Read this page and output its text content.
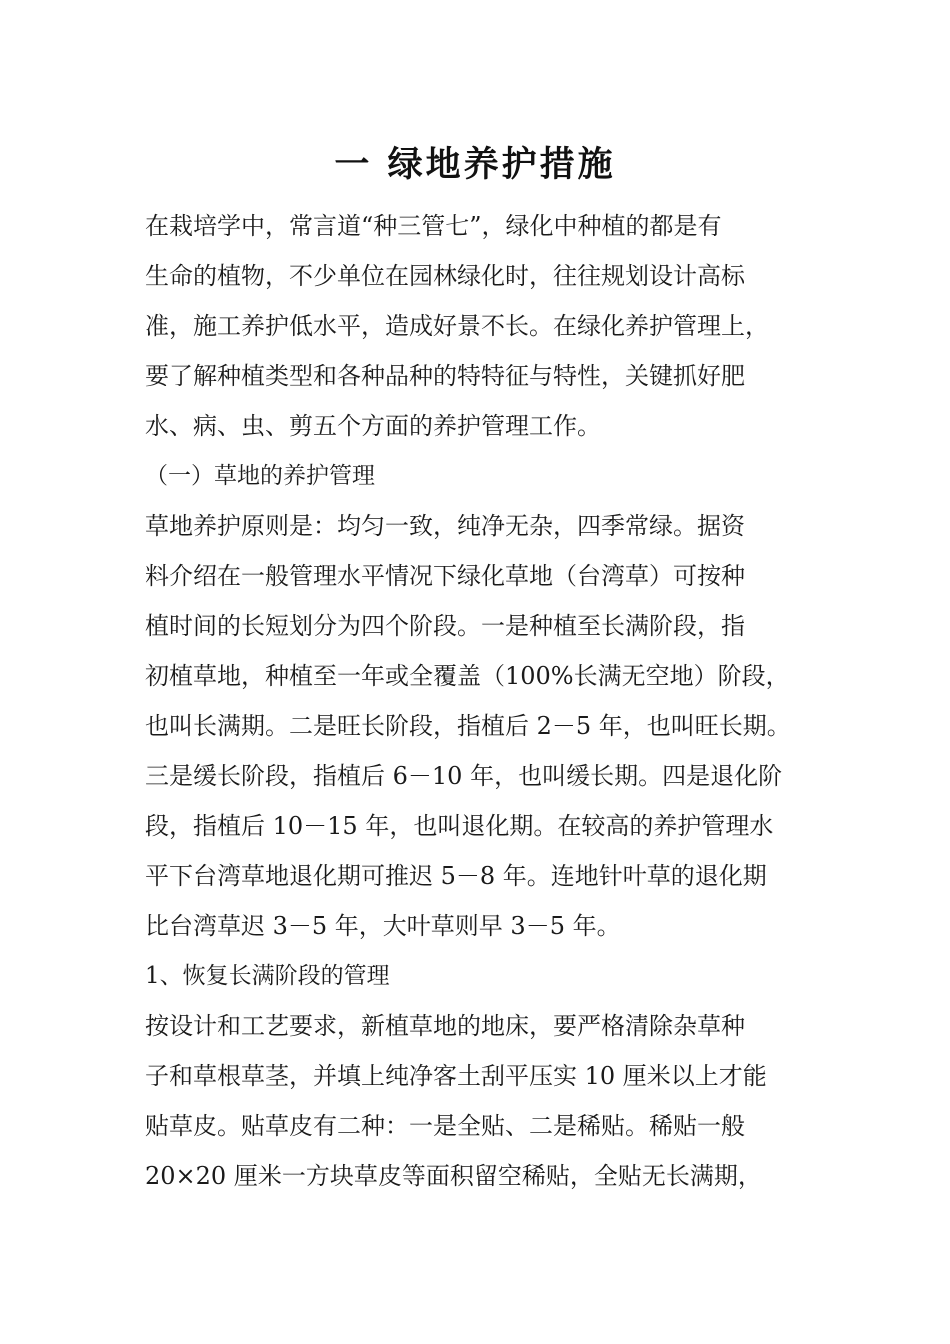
一 绿地养护措施
在栽培学中，常言道“种三管七”，绿化中种植的都是有
生命的植物，不少单位在园林绿化时，往往规划设计高标
准，施工养护低水平，造成好景不长。在绿化养护管理上，
要了解种植类型和各种品种的特特征与特性，关键抓好肥
水、病、虫、剪五个方面的养护管理工作。
（一）草地的养护管理
草地养护原则是：均匀一致，纯净无杂，四季常绿。据资
料介绍在一般管理水平情况下绿化草地（台湾草）可按种
植时间的长短划分为四个阶段。一是种植至长满阶段，指
初植草地，种植至一年或全覆盖（100%长满无空地）阶段，
也叫长满期。二是旺长阶段，指植后 2－5 年，也叫旺长期。
三是缓长阶段，指植后 6－10 年，也叫缓长期。四是退化阶
段，指植后 10－15 年，也叫退化期。在较高的养护管理水
平下台湾草地退化期可推迟 5－8 年。连地针叶草的退化期
比台湾草迟 3－5 年，大叶草则早 3－5 年。
1、恢复长满阶段的管理
按设计和工艺要求，新植草地的地床，要严格清除杂草种
子和草根草茎，并填上纯净客土刮平压实 10 厘米以上才能
贴草皮。贴草皮有二种：一是全贴、二是稀贴。稀贴一般
20×20 厘米一方块草皮等面积留空稀贴，全贴无长满期，
